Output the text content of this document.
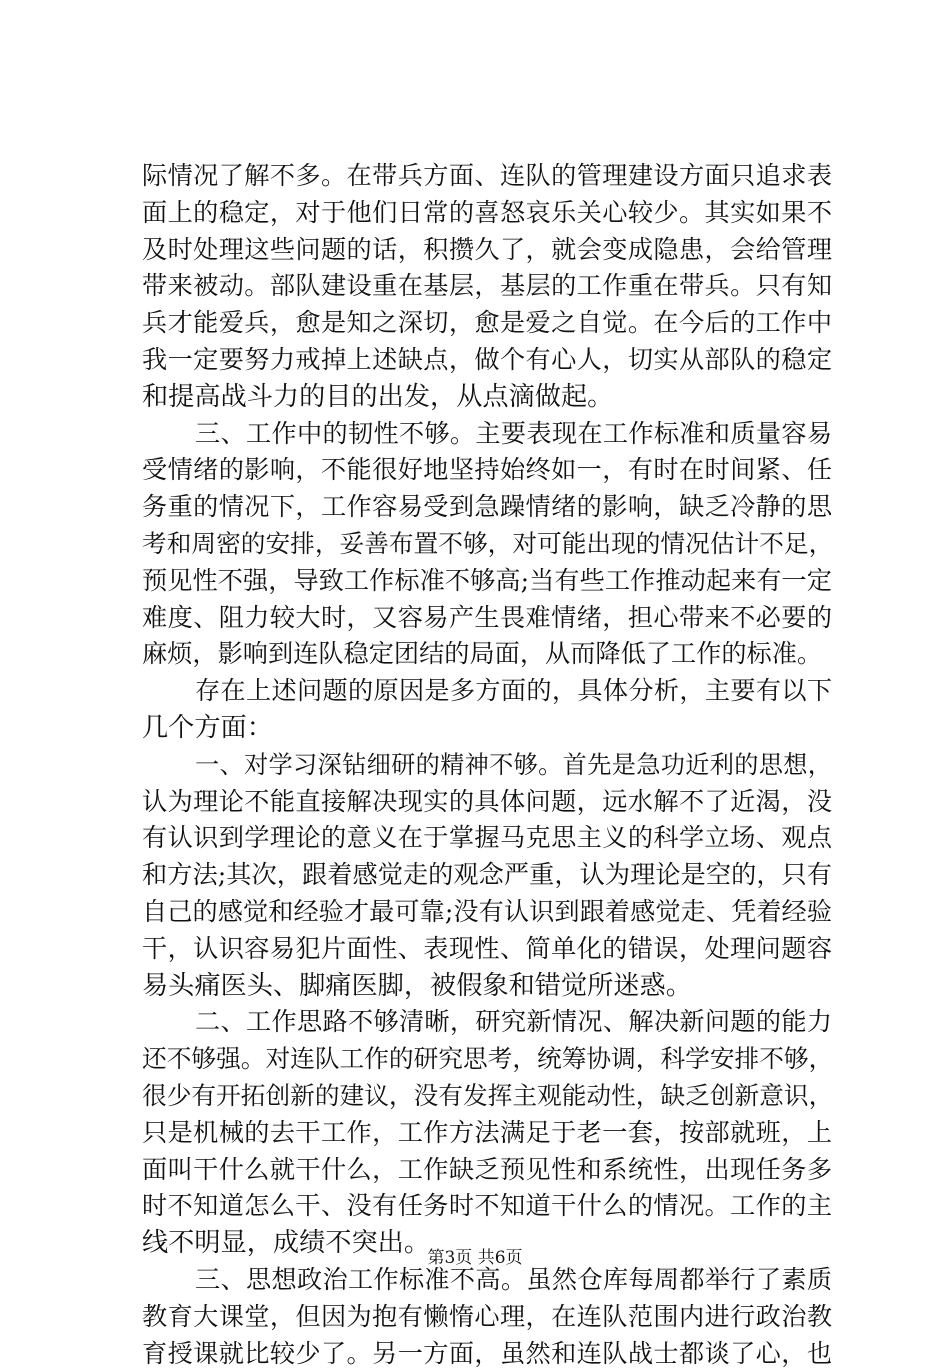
际情况了解不多。在带兵方面、连队的管理建设方面只追求表
面上的稳定，对于他们日常的喜怒哀乐关心较少。其实如果不
及时处理这些问题的话，积攒久了，就会变成隐患，会给管理
带来被动。部队建设重在基层，基层的工作重在带兵。只有知
兵才能爱兵，愈是知之深切，愈是爱之自觉。在今后的工作中
我一定要努力戒掉上述缺点，做个有心人，切实从部队的稳定
和提高战斗力的目的出发，从点滴做起。
三、工作中的韧性不够。主要表现在工作标准和质量容易
受情绪的影响，不能很好地坚持始终如一，有时在时间紧、任
务重的情况下，工作容易受到急躁情绪的影响，缺乏冷静的思
考和周密的安排，妥善布置不够，对可能出现的情况估计不足，
预见性不强，导致工作标准不够高;当有些工作推动起来有一定
难度、阻力较大时，又容易产生畏难情绪，担心带来不必要的
麻烦，影响到连队稳定团结的局面，从而降低了工作的标准。
存在上述问题的原因是多方面的，具体分析，主要有以下
几个方面：
一、对学习深钻细研的精神不够。首先是急功近利的思想，
认为理论不能直接解决现实的具体问题，远水解不了近渴，没
有认识到学理论的意义在于掌握马克思主义的科学立场、观点
和方法;其次，跟着感觉走的观念严重，认为理论是空的，只有
自己的感觉和经验才最可靠;没有认识到跟着感觉走、凭着经验
干，认识容易犯片面性、表现性、简单化的错误，处理问题容
易头痛医头、脚痛医脚，被假象和错觉所迷惑。
二、工作思路不够清晰，研究新情况、解决新问题的能力
还不够强。对连队工作的研究思考，统筹协调，科学安排不够，
很少有开拓创新的建议，没有发挥主观能动性，缺乏创新意识，
只是机械的去干工作，工作方法满足于老一套，按部就班，上
面叫干什么就干什么，工作缺乏预见性和系统性，出现任务多
时不知道怎么干、没有任务时不知道干什么的情况。工作的主
线不明显，成绩不突出。
三、思想政治工作标准不高。虽然仓库每周都举行了素质
教育大课堂，但因为抱有懒惰心理，在连队范围内进行政治教
育授课就比较少了。另一方面，虽然和连队战士都谈了心，也
第3页 共6页
